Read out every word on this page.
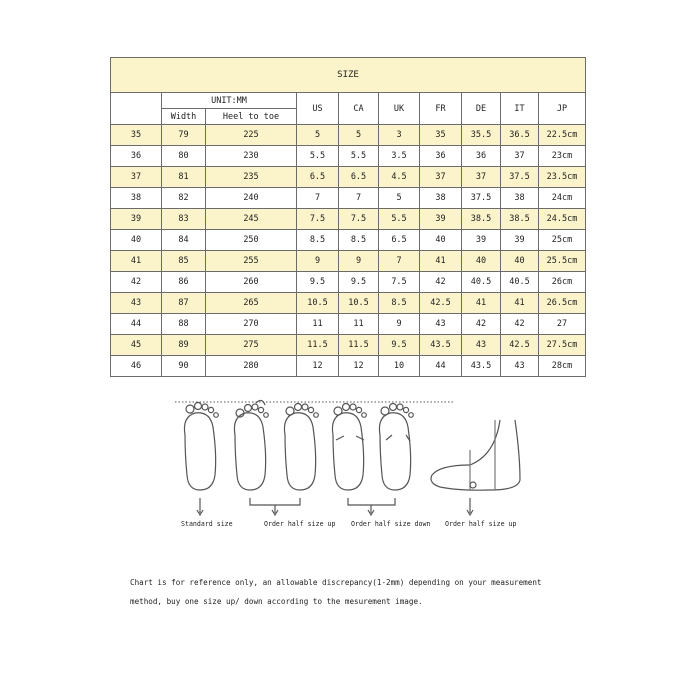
SIZE									
	UNIT:MM		US	CA	UK	FR	DE	IT	JP
	Width	Heel to toe							
35	79	225	5	5	3	35	35.5	36.5	22.5cm
36	80	230	5.5	5.5	3.5	36	36	37	23cm
37	81	235	6.5	6.5	4.5	37	37	37.5	23.5cm
38	82	240	7	7	5	38	37.5	38	24cm
39	83	245	7.5	7.5	5.5	39	38.5	38.5	24.5cm
40	84	250	8.5	8.5	6.5	40	39	39	25cm
41	85	255	9	9	7	41	40	40	25.5cm
42	86	260	9.5	9.5	7.5	42	40.5	40.5	26cm
43	87	265	10.5	10.5	8.5	42.5	41	41	26.5cm
44	88	270	11	11	9	43	42	42	27
45	89	275	11.5	11.5	9.5	43.5	43	42.5	27.5cm
46	90	280	12	12	10	44	43.5	43	28cm
Standard size	Order half size up Order half size down Order half size up
Chart is for reference only, an allowable discrepancy(1-2mm) depending on your measurement
method, buy one size up/ down according to the mesurement image.
